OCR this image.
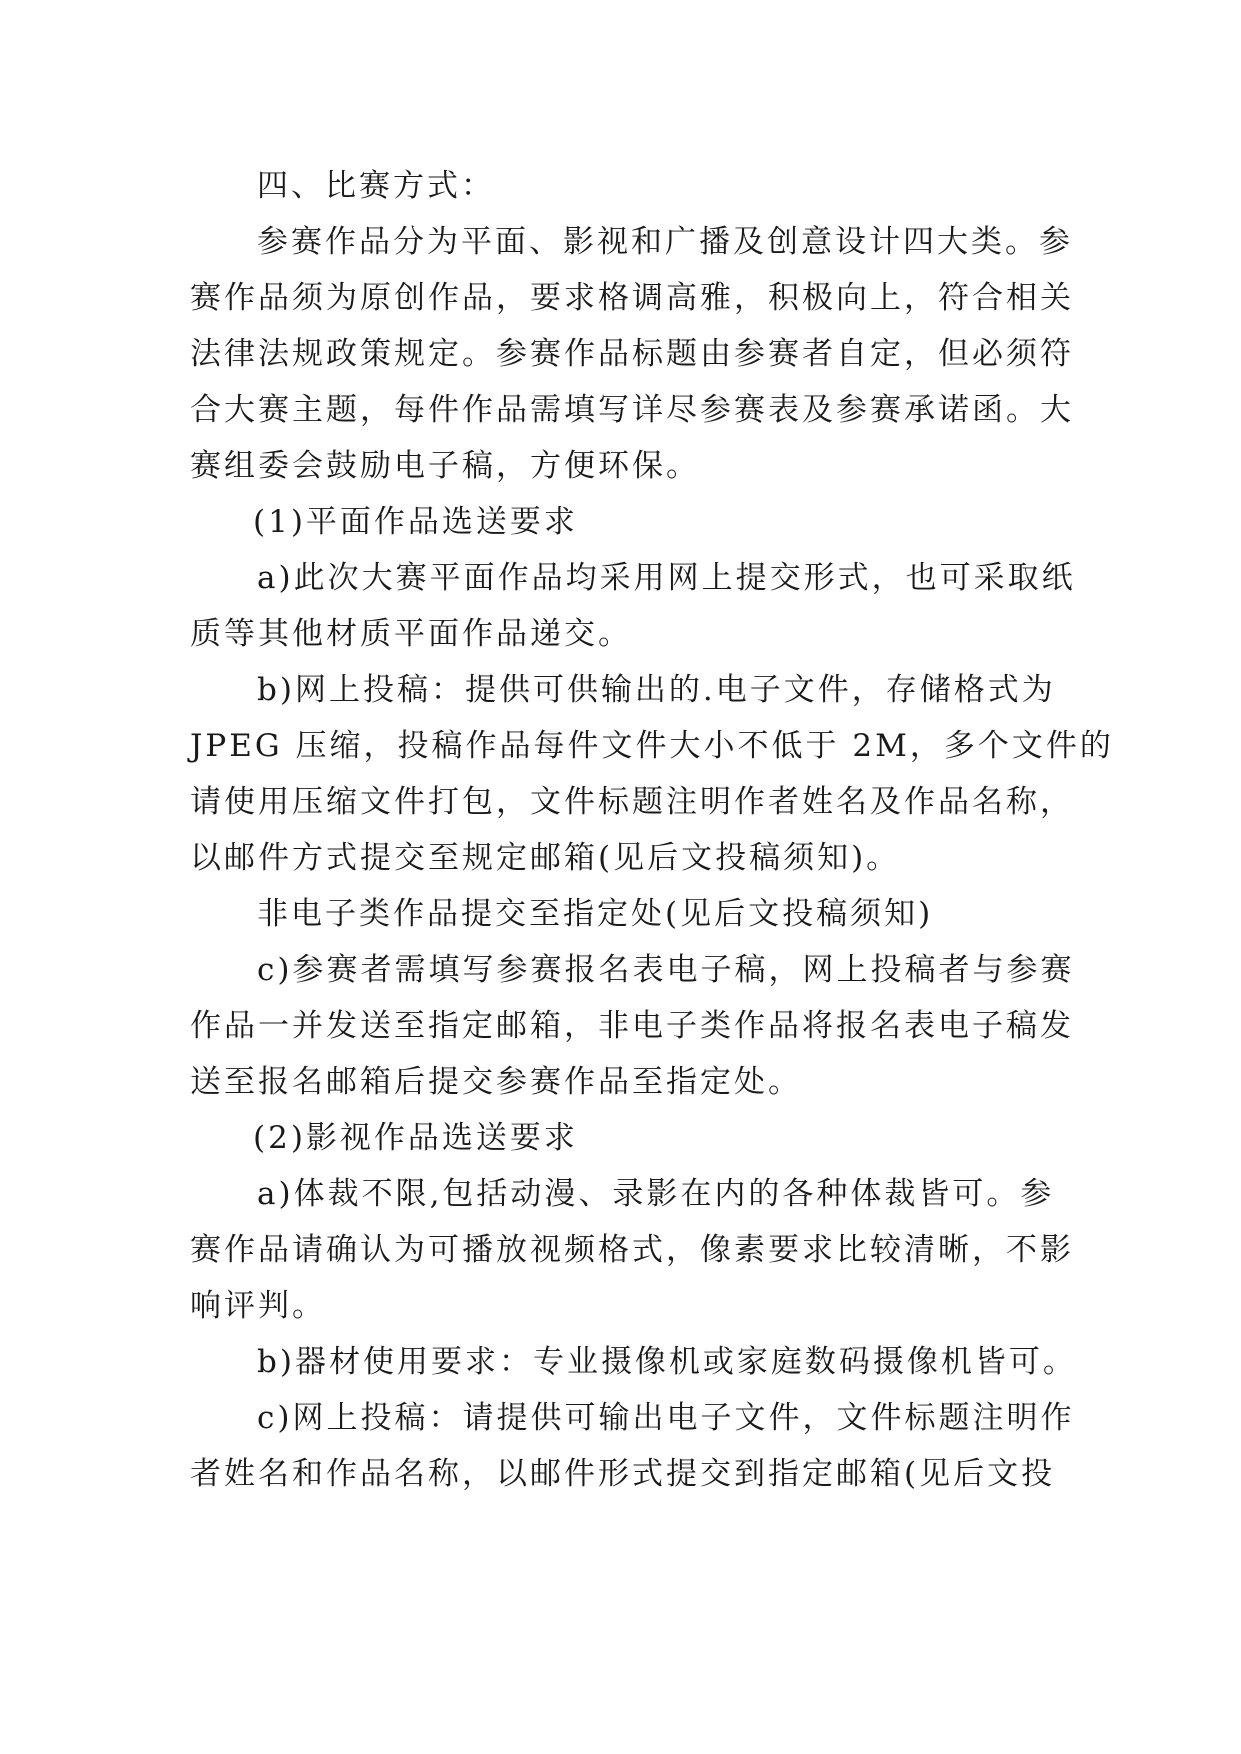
四、比赛方式：
参赛作品分为平面、影视和广播及创意设计四大类。参
赛作品须为原创作品，要求格调高雅，积极向上，符合相关
法律法规政策规定。参赛作品标题由参赛者自定，但必须符
合大赛主题，每件作品需填写详尽参赛表及参赛承诺函。大
赛组委会鼓励电子稿，方便环保。
(1)平面作品选送要求
a)此次大赛平面作品均采用网上提交形式，也可采取纸
质等其他材质平面作品递交。
b)网上投稿：提供可供输出的.电子文件，存储格式为
JPEG 压缩，投稿作品每件文件大小不低于 2M，多个文件的
请使用压缩文件打包，文件标题注明作者姓名及作品名称，
以邮件方式提交至规定邮箱(见后文投稿须知)。
非电子类作品提交至指定处(见后文投稿须知)
c)参赛者需填写参赛报名表电子稿，网上投稿者与参赛
作品一并发送至指定邮箱，非电子类作品将报名表电子稿发
送至报名邮箱后提交参赛作品至指定处。
(2)影视作品选送要求
a)体裁不限,包括动漫、录影在内的各种体裁皆可。参
赛作品请确认为可播放视频格式，像素要求比较清晰，不影
响评判。
b)器材使用要求：专业摄像机或家庭数码摄像机皆可。
c)网上投稿：请提供可输出电子文件，文件标题注明作
者姓名和作品名称，以邮件形式提交到指定邮箱(见后文投
